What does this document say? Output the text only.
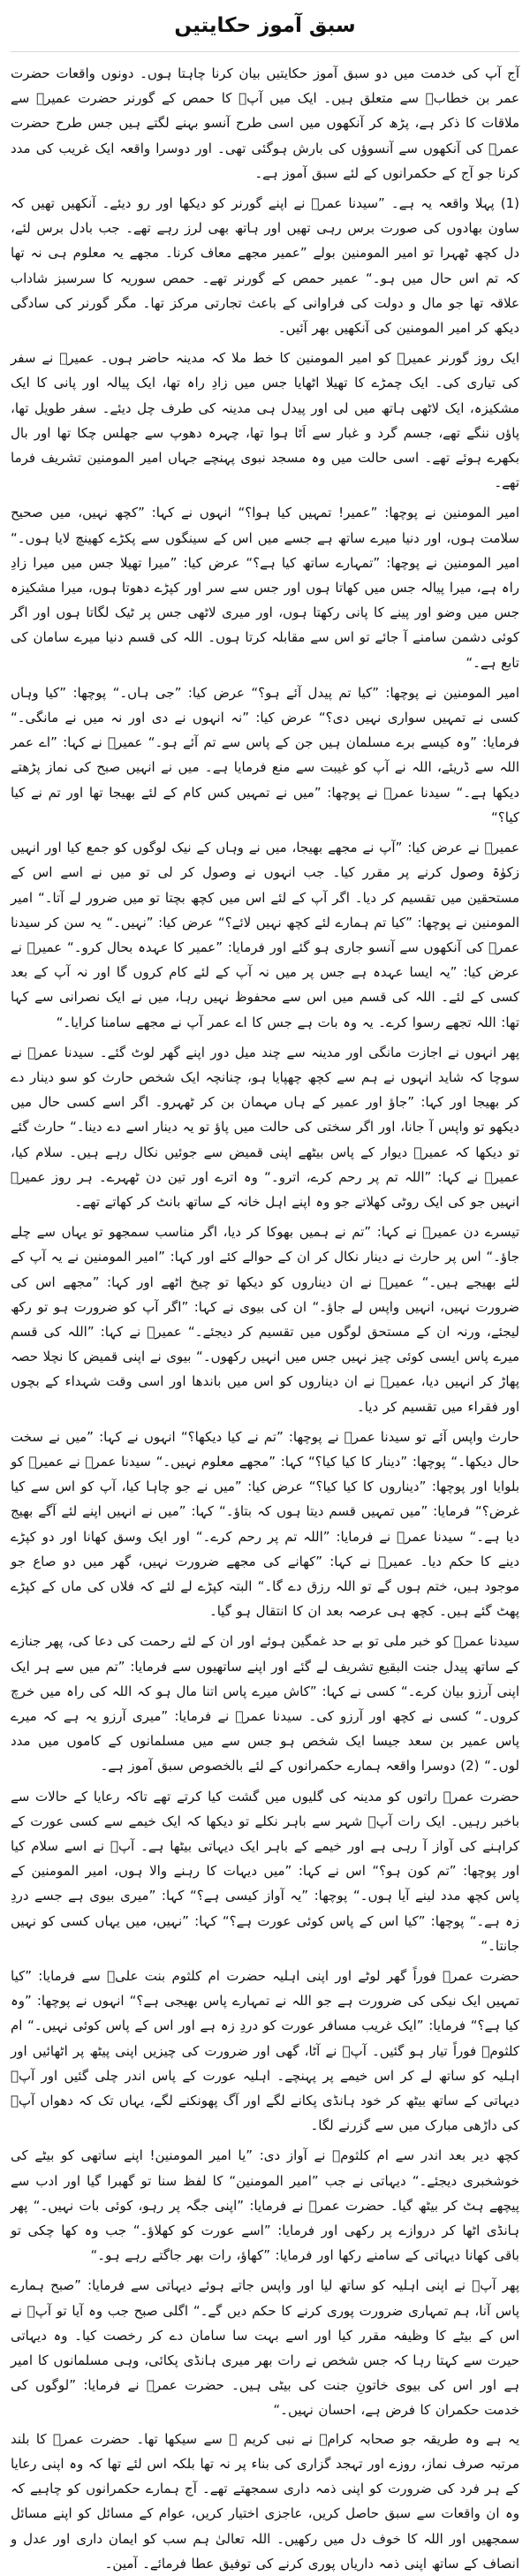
سبق آموز حکایتیں

آج آپ کی خدمت میں دو سبق آموز حکایتیں بیان کرنا چاہتا ہوں۔ دونوں واقعات حضرت عمر بن خطابؓ سے متعلق ہیں۔ ایک میں آپؓ کا حمص کے گورنر حضرت عمیرؓ سے ملاقات کا ذکر ہے، پڑھ کر آنکھوں میں اسی طرح آنسو بہنے لگتے ہیں جس طرح حضرت عمرؓ کی آنکھوں سے آنسوؤں کی بارش ہوگئی تھی۔ اور دوسرا واقعہ ایک غریب کی مدد کرنا جو آج کے حکمرانوں کے لئے سبق آموز ہے۔

(1) پہلا واقعہ یہ ہے۔ ”سیدنا عمرؓ نے اپنے گورنر کو دیکھا اور رو دیئے۔ آنکھیں تھیں کہ ساون بھادوں کی صورت برس رہی تھیں اور ہاتھ بھی لرز رہے تھے۔ جب بادل برس لئے، دل کچھ ٹھہرا تو امیر المومنین بولے ”عمیر مجھے معاف کرنا۔ مجھے یہ معلوم ہی نہ تھا کہ تم اس حال میں ہو۔“ عمیر حمص کے گورنر تھے۔ حمص سوریہ کا سرسبز شاداب علاقہ تھا جو مال و دولت کی فراوانی کے باعث تجارتی مرکز تھا۔ مگر گورنر کی سادگی دیکھ کر امیر المومنین کی آنکھیں بھر آئیں۔

ایک روز گورنر عمیرؓ کو امیر المومنین کا خط ملا کہ مدینہ حاضر ہوں۔ عمیرؓ نے سفر کی تیاری کی۔ ایک چمڑے کا تھیلا اٹھایا جس میں زادِ راہ تھا، ایک پیالہ اور پانی کا ایک مشکیزہ، ایک لاٹھی ہاتھ میں لی اور پیدل ہی مدینہ کی طرف چل دیئے۔ سفر طویل تھا، پاؤں ننگے تھے، جسم گرد و غبار سے اَٹا ہوا تھا، چہرہ دھوپ سے جھلس چکا تھا اور بال بکھرے ہوئے تھے۔ اسی حالت میں وہ مسجد نبوی پہنچے جہاں امیر المومنین تشریف فرما تھے۔

امیر المومنین نے پوچھا: ”عمیر! تمہیں کیا ہوا؟“ انہوں نے کہا: ”کچھ نہیں، میں صحیح سلامت ہوں، اور دنیا میرے ساتھ ہے جسے میں اس کے سینگوں سے پکڑے کھینچ لایا ہوں۔“ امیر المومنین نے پوچھا: ”تمہارے ساتھ کیا ہے؟“ عرض کیا: ”میرا تھیلا جس میں میرا زادِ راہ ہے، میرا پیالہ جس میں کھاتا ہوں اور جس سے سر اور کپڑے دھوتا ہوں، میرا مشکیزہ جس میں وضو اور پینے کا پانی رکھتا ہوں، اور میری لاٹھی جس پر ٹیک لگاتا ہوں اور اگر کوئی دشمن سامنے آ جائے تو اس سے مقابلہ کرتا ہوں۔ اللہ کی قسم دنیا میرے سامان کی تابع ہے۔“

امیر المومنین نے پوچھا: ”کیا تم پیدل آئے ہو؟“ عرض کیا: ”جی ہاں۔“ پوچھا: ”کیا وہاں کسی نے تمہیں سواری نہیں دی؟“ عرض کیا: ”نہ انہوں نے دی اور نہ میں نے مانگی۔“ فرمایا: ”وہ کیسے برے مسلمان ہیں جن کے پاس سے تم آئے ہو۔“ عمیرؓ نے کہا: ”اے عمر اللہ سے ڈریئے، اللہ نے آپ کو غیبت سے منع فرمایا ہے۔ میں نے انہیں صبح کی نماز پڑھتے دیکھا ہے۔“ سیدنا عمرؓ نے پوچھا: ”میں نے تمہیں کس کام کے لئے بھیجا تھا اور تم نے کیا کیا؟“

عمیرؓ نے عرض کیا: ”آپ نے مجھے بھیجا، میں نے وہاں کے نیک لوگوں کو جمع کیا اور انہیں زکوٰۃ وصول کرنے پر مقرر کیا۔ جب انہوں نے وصول کر لی تو میں نے اسے اس کے مستحقین میں تقسیم کر دیا۔ اگر آپ کے لئے اس میں کچھ بچتا تو میں ضرور لے آتا۔“ امیر المومنین نے پوچھا: ”کیا تم ہمارے لئے کچھ نہیں لائے؟“ عرض کیا: ”نہیں۔“ یہ سن کر سیدنا عمرؓ کی آنکھوں سے آنسو جاری ہو گئے اور فرمایا: ”عمیر کا عہدہ بحال کرو۔“ عمیرؓ نے عرض کیا: ”یہ ایسا عہدہ ہے جس پر میں نہ آپ کے لئے کام کروں گا اور نہ آپ کے بعد کسی کے لئے۔ اللہ کی قسم میں اس سے محفوظ نہیں رہا، میں نے ایک نصرانی سے کہا تھا: اللہ تجھے رسوا کرے۔ یہ وہ بات ہے جس کا اے عمر آپ نے مجھے سامنا کرایا۔“

پھر انہوں نے اجازت مانگی اور مدینہ سے چند میل دور اپنے گھر لوٹ گئے۔ سیدنا عمرؓ نے سوچا کہ شاید انہوں نے ہم سے کچھ چھپایا ہو، چنانچہ ایک شخص حارث کو سو دینار دے کر بھیجا اور کہا: ”جاؤ اور عمیر کے ہاں مہمان بن کر ٹھہرو۔ اگر اسے کسی حال میں دیکھو تو واپس آ جانا، اور اگر سختی کی حالت میں پاؤ تو یہ دینار اسے دے دینا۔“ حارث گئے تو دیکھا کہ عمیرؓ دیوار کے پاس بیٹھے اپنی قمیض سے جوئیں نکال رہے ہیں۔ سلام کیا، عمیرؓ نے کہا: ”اللہ تم پر رحم کرے، اترو۔“ وہ اترے اور تین دن ٹھہرے۔ ہر روز عمیرؓ انہیں جو کی ایک روٹی کھلاتے جو وہ اپنے اہل خانہ کے ساتھ بانٹ کر کھاتے تھے۔

تیسرے دن عمیرؓ نے کہا: ”تم نے ہمیں بھوکا کر دیا، اگر مناسب سمجھو تو یہاں سے چلے جاؤ۔“ اس پر حارث نے دینار نکال کر ان کے حوالے کئے اور کہا: ”امیر المومنین نے یہ آپ کے لئے بھیجے ہیں۔“ عمیرؓ نے ان دیناروں کو دیکھا تو چیخ اٹھے اور کہا: ”مجھے اس کی ضرورت نہیں، انہیں واپس لے جاؤ۔“ ان کی بیوی نے کہا: ”اگر آپ کو ضرورت ہو تو رکھ لیجئے، ورنہ ان کے مستحق لوگوں میں تقسیم کر دیجئے۔“ عمیرؓ نے کہا: ”اللہ کی قسم میرے پاس ایسی کوئی چیز نہیں جس میں انہیں رکھوں۔“ بیوی نے اپنی قمیض کا نچلا حصہ پھاڑ کر انہیں دیا، عمیرؓ نے ان دیناروں کو اس میں باندھا اور اسی وقت شہداء کے بچوں اور فقراء میں تقسیم کر دیا۔

حارث واپس آئے تو سیدنا عمرؓ نے پوچھا: ”تم نے کیا دیکھا؟“ انہوں نے کہا: ”میں نے سخت حال دیکھا۔“ پوچھا: ”دینار کا کیا کیا؟“ کہا: ”مجھے معلوم نہیں۔“ سیدنا عمرؓ نے عمیرؓ کو بلوایا اور پوچھا: ”دیناروں کا کیا کیا؟“ عرض کیا: ”میں نے جو چاہا کیا، آپ کو اس سے کیا غرض؟“ فرمایا: ”میں تمہیں قسم دیتا ہوں کہ بتاؤ۔“ کہا: ”میں نے انہیں اپنے لئے آگے بھیج دیا ہے۔“ سیدنا عمرؓ نے فرمایا: ”اللہ تم پر رحم کرے۔“ اور ایک وسق کھانا اور دو کپڑے دینے کا حکم دیا۔ عمیرؓ نے کہا: ”کھانے کی مجھے ضرورت نہیں، گھر میں دو صاع جو موجود ہیں، ختم ہوں گے تو اللہ رزق دے گا۔“ البتہ کپڑے لے لئے کہ فلاں کی ماں کے کپڑے پھٹ گئے ہیں۔ کچھ ہی عرصہ بعد ان کا انتقال ہو گیا۔

سیدنا عمرؓ کو خبر ملی تو بے حد غمگین ہوئے اور ان کے لئے رحمت کی دعا کی، پھر جنازے کے ساتھ پیدل جنت البقیع تشریف لے گئے اور اپنے ساتھیوں سے فرمایا: ”تم میں سے ہر ایک اپنی آرزو بیان کرے۔“ کسی نے کہا: ”کاش میرے پاس اتنا مال ہو کہ اللہ کی راہ میں خرچ کروں۔“ کسی نے کچھ اور آرزو کی۔ سیدنا عمرؓ نے فرمایا: ”میری آرزو یہ ہے کہ میرے پاس عمیر بن سعد جیسا ایک شخص ہو جس سے میں مسلمانوں کے کاموں میں مدد لوں۔“ (2) دوسرا واقعہ ہمارے حکمرانوں کے لئے بالخصوص سبق آموز ہے۔

حضرت عمرؓ راتوں کو مدینہ کی گلیوں میں گشت کیا کرتے تھے تاکہ رعایا کے حالات سے باخبر رہیں۔ ایک رات آپؓ شہر سے باہر نکلے تو دیکھا کہ ایک خیمے سے کسی عورت کے کراہنے کی آواز آ رہی ہے اور خیمے کے باہر ایک دیہاتی بیٹھا ہے۔ آپؓ نے اسے سلام کیا اور پوچھا: ”تم کون ہو؟“ اس نے کہا: ”میں دیہات کا رہنے والا ہوں، امیر المومنین کے پاس کچھ مدد لینے آیا ہوں۔“ پوچھا: ”یہ آواز کیسی ہے؟“ کہا: ”میری بیوی ہے جسے دردِ زہ ہے۔“ پوچھا: ”کیا اس کے پاس کوئی عورت ہے؟“ کہا: ”نہیں، میں یہاں کسی کو نہیں جانتا۔“

حضرت عمرؓ فوراً گھر لوٹے اور اپنی اہلیہ حضرت ام کلثوم بنت علیؓ سے فرمایا: ”کیا تمہیں ایک نیکی کی ضرورت ہے جو اللہ نے تمہارے پاس بھیجی ہے؟“ انہوں نے پوچھا: ”وہ کیا ہے؟“ فرمایا: ”ایک غریب مسافر عورت کو دردِ زہ ہے اور اس کے پاس کوئی نہیں۔“ ام کلثومؓ فوراً تیار ہو گئیں۔ آپؓ نے آٹا، گھی اور ضرورت کی چیزیں اپنی پیٹھ پر اٹھائیں اور اہلیہ کو ساتھ لے کر اس خیمے پر پہنچے۔ اہلیہ عورت کے پاس اندر چلی گئیں اور آپؓ دیہاتی کے ساتھ بیٹھ کر خود ہانڈی پکانے لگے اور آگ پھونکنے لگے، یہاں تک کہ دھواں آپؓ کی داڑھی مبارک میں سے گزرنے لگا۔

کچھ دیر بعد اندر سے ام کلثومؓ نے آواز دی: ”یا امیر المومنین! اپنے ساتھی کو بیٹے کی خوشخبری دیجئے۔“ دیہاتی نے جب ”امیر المومنین“ کا لفظ سنا تو گھبرا گیا اور ادب سے پیچھے ہٹ کر بیٹھ گیا۔ حضرت عمرؓ نے فرمایا: ”اپنی جگہ پر رہو، کوئی بات نہیں۔“ پھر ہانڈی اٹھا کر دروازے پر رکھی اور فرمایا: ”اسے عورت کو کھلاؤ۔“ جب وہ کھا چکی تو باقی کھانا دیہاتی کے سامنے رکھا اور فرمایا: ”کھاؤ، رات بھر جاگتے رہے ہو۔“

پھر آپؓ نے اپنی اہلیہ کو ساتھ لیا اور واپس جاتے ہوئے دیہاتی سے فرمایا: ”صبح ہمارے پاس آنا، ہم تمہاری ضرورت پوری کرنے کا حکم دیں گے۔“ اگلی صبح جب وہ آیا تو آپؓ نے اس کے بیٹے کا وظیفہ مقرر کیا اور اسے بہت سا سامان دے کر رخصت کیا۔ وہ دیہاتی حیرت سے کہتا رہا کہ جس شخص نے رات بھر میری ہانڈی پکائی، وہی مسلمانوں کا امیر ہے اور اس کی بیوی خاتونِ جنت کی بیٹی ہیں۔ حضرت عمرؓ نے فرمایا: ”لوگوں کی خدمت حکمران کا فرض ہے، احسان نہیں۔“

یہ ہے وہ طریقہ جو صحابہ کرامؓ نے نبی کریم ﷺ سے سیکھا تھا۔ حضرت عمرؓ کا بلند مرتبہ صرف نماز، روزے اور تہجد گزاری کی بناء پر نہ تھا بلکہ اس لئے تھا کہ وہ اپنی رعایا کے ہر فرد کی ضرورت کو اپنی ذمہ داری سمجھتے تھے۔ آج ہمارے حکمرانوں کو چاہیے کہ وہ ان واقعات سے سبق حاصل کریں، عاجزی اختیار کریں، عوام کے مسائل کو اپنے مسائل سمجھیں اور اللہ کا خوف دل میں رکھیں۔ اللہ تعالیٰ ہم سب کو ایمان داری اور عدل و انصاف کے ساتھ اپنی ذمہ داریاں پوری کرنے کی توفیق عطا فرمائے۔ آمین۔
